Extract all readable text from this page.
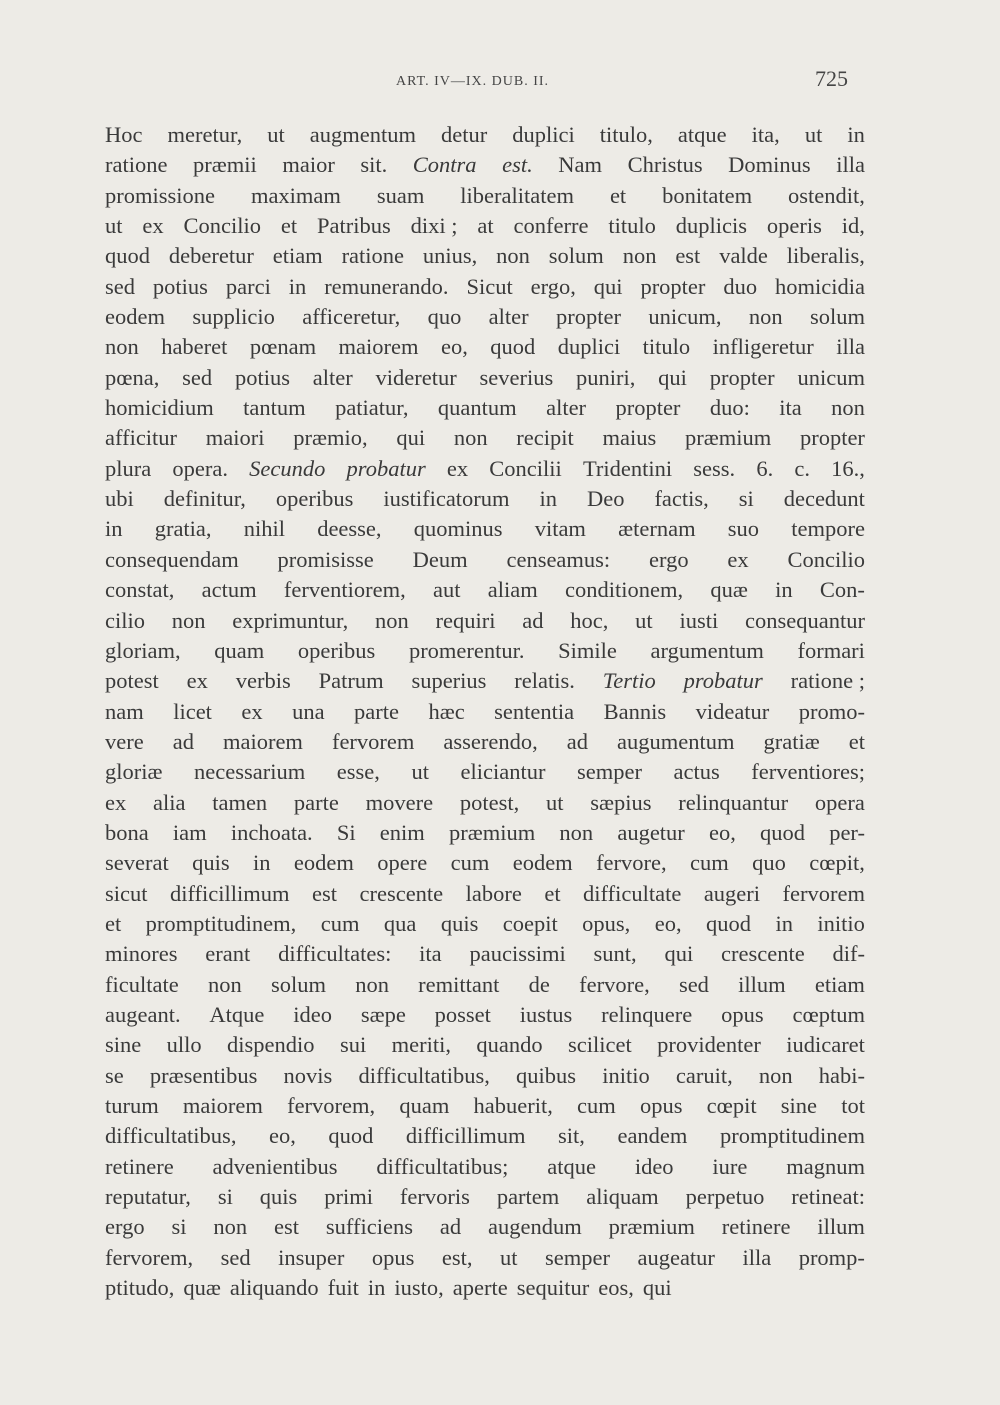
ART. IV—IX. DUB. II.	725
Hoc meretur, ut augmentum detur duplici titulo, atque ita, ut in
ratione præmii maior sit. Contra est. Nam Christus Dominus illa
promissione maximam suam liberalitatem et bonitatem ostendit,
ut ex Concilio et Patribus dixi ; at conferre titulo duplicis operis id,
quod deberetur etiam ratione unius, non solum non est valde liberalis,
sed potius parci in remunerando. Sicut ergo, qui propter duo homicidia
eodem supplicio afficeretur, quo alter propter unicum, non solum
non haberet pœnam maiorem eo, quod duplici titulo infligeretur illa
pœna, sed potius alter videretur severius puniri, qui propter unicum
homicidium tantum patiatur, quantum alter propter duo: ita non
afficitur maiori præmio, qui non recipit maius præmium propter
plura opera. Secundo probatur ex Concilii Tridentini sess. 6. c. 16.,
ubi definitur, operibus iustificatorum in Deo factis, si decedunt
in gratia, nihil deesse, quominus vitam æternam suo tempore
consequendam promisisse Deum censeamus: ergo ex Concilio
constat, actum ferventiorem, aut aliam conditionem, quæ in Con-
cilio non exprimuntur, non requiri ad hoc, ut iusti consequantur
gloriam, quam operibus promerentur. Simile argumentum formari
potest ex verbis Patrum superius relatis. Tertio probatur ratione ;
nam licet ex una parte hæc sententia Bannis videatur promo-
vere ad maiorem fervorem asserendo, ad augumentum gratiæ et
gloriæ necessarium esse, ut eliciantur semper actus ferventiores;
ex alia tamen parte movere potest, ut sæpius relinquantur opera
bona iam inchoata. Si enim præmium non augetur eo, quod per-
severat quis in eodem opere cum eodem fervore, cum quo cœpit,
sicut difficillimum est crescente labore et difficultate augeri fervorem
et promptitudinem, cum qua quis coepit opus, eo, quod in initio
minores erant difficultates: ita paucissimi sunt, qui crescente dif-
ficultate non solum non remittant de fervore, sed illum etiam
augeant. Atque ideo sæpe posset iustus relinquere opus cœptum
sine ullo dispendio sui meriti, quando scilicet providenter iudicaret
se præsentibus novis difficultatibus, quibus initio caruit, non habi-
turum maiorem fervorem, quam habuerit, cum opus cœpit sine tot
difficultatibus, eo, quod difficillimum sit, eandem promptitudinem
retinere advenientibus difficultatibus; atque ideo iure magnum
reputatur, si quis primi fervoris partem aliquam perpetuo retineat:
ergo si non est sufficiens ad augendum præmium retinere illum
fervorem, sed insuper opus est, ut semper augeatur illa promp-
ptitudo, quæ aliquando fuit in iusto, aperte sequitur eos, qui
